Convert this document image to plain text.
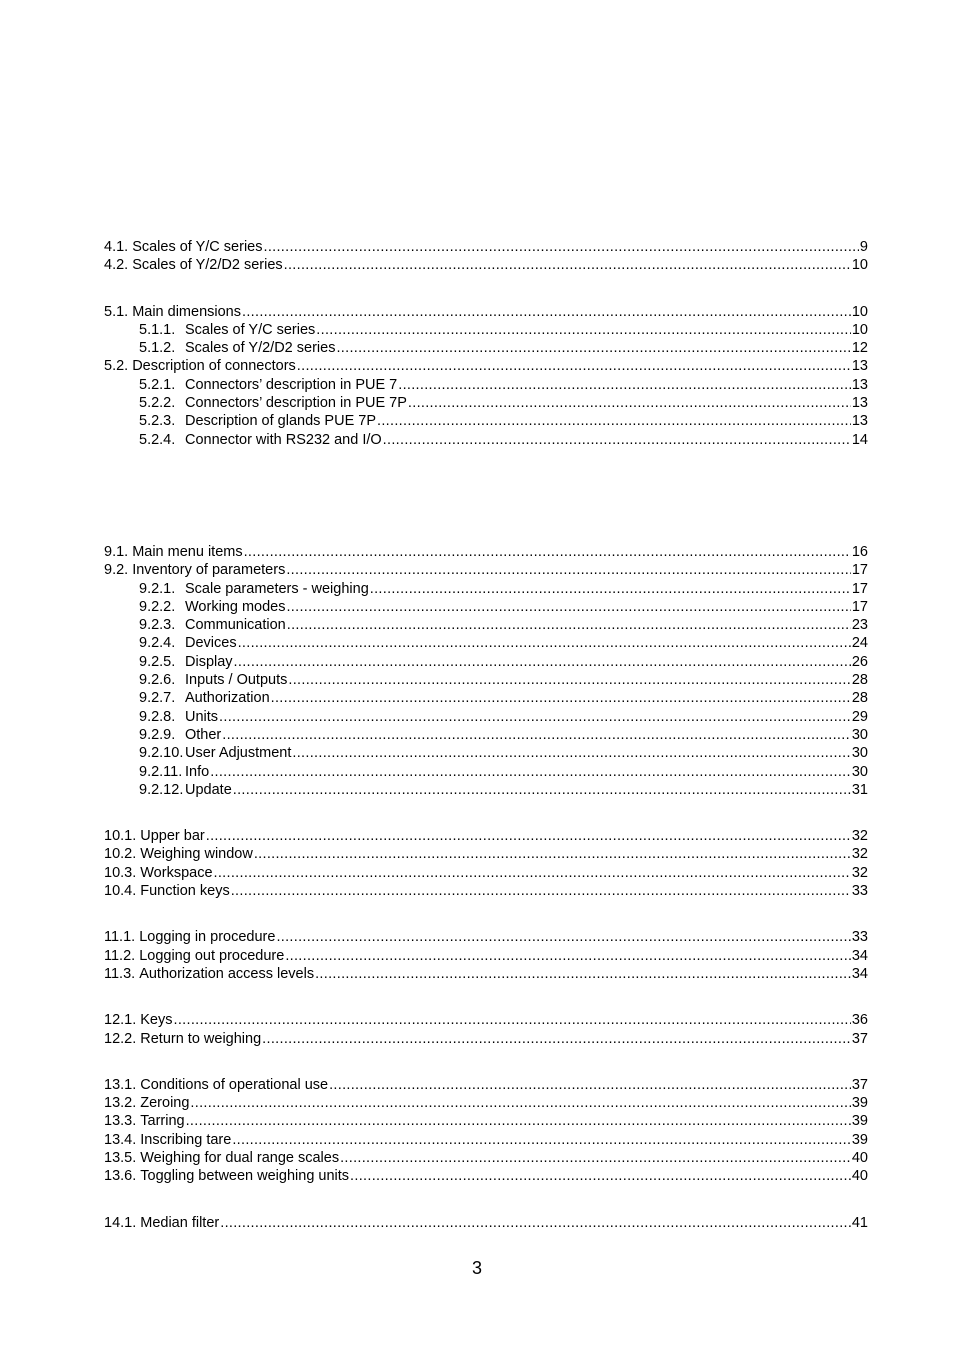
4.1. Scales of Y/C series .....	9
4.2. Scales of Y/2/D2 series .....	10
5.1. Main dimensions .....	10
5.1.1. Scales of Y/C series .....	10
5.1.2. Scales of Y/2/D2 series .....	12
5.2. Description of connectors .....	13
5.2.1. Connectors’ description in PUE 7 .....	13
5.2.2. Connectors’ description in PUE 7P .....	13
5.2.3. Description of glands PUE 7P .....	13
5.2.4. Connector with RS232 and I/O .....	14
9.1. Main menu items .....	16
9.2. Inventory of parameters .....	17
9.2.1. Scale parameters - weighing .....	17
9.2.2. Working modes .....	17
9.2.3. Communication .....	23
9.2.4. Devices .....	24
9.2.5. Display .....	26
9.2.6. Inputs / Outputs .....	28
9.2.7. Authorization .....	28
9.2.8. Units .....	29
9.2.9. Other .....	30
9.2.10. User Adjustment .....	30
9.2.11. Info .....	30
9.2.12. Update .....	31
10.1. Upper bar .....	32
10.2. Weighing window .....	32
10.3. Workspace .....	32
10.4. Function keys .....	33
11.1. Logging in procedure .....	33
11.2. Logging out procedure .....	34
11.3. Authorization access levels .....	34
12.1. Keys .....	36
12.2. Return to weighing .....	37
13.1. Conditions of operational use .....	37
13.2. Zeroing .....	39
13.3. Tarring .....	39
13.4. Inscribing tare .....	39
13.5. Weighing for dual range scales .....	40
13.6. Toggling between weighing units .....	40
14.1. Median filter .....	41
3
